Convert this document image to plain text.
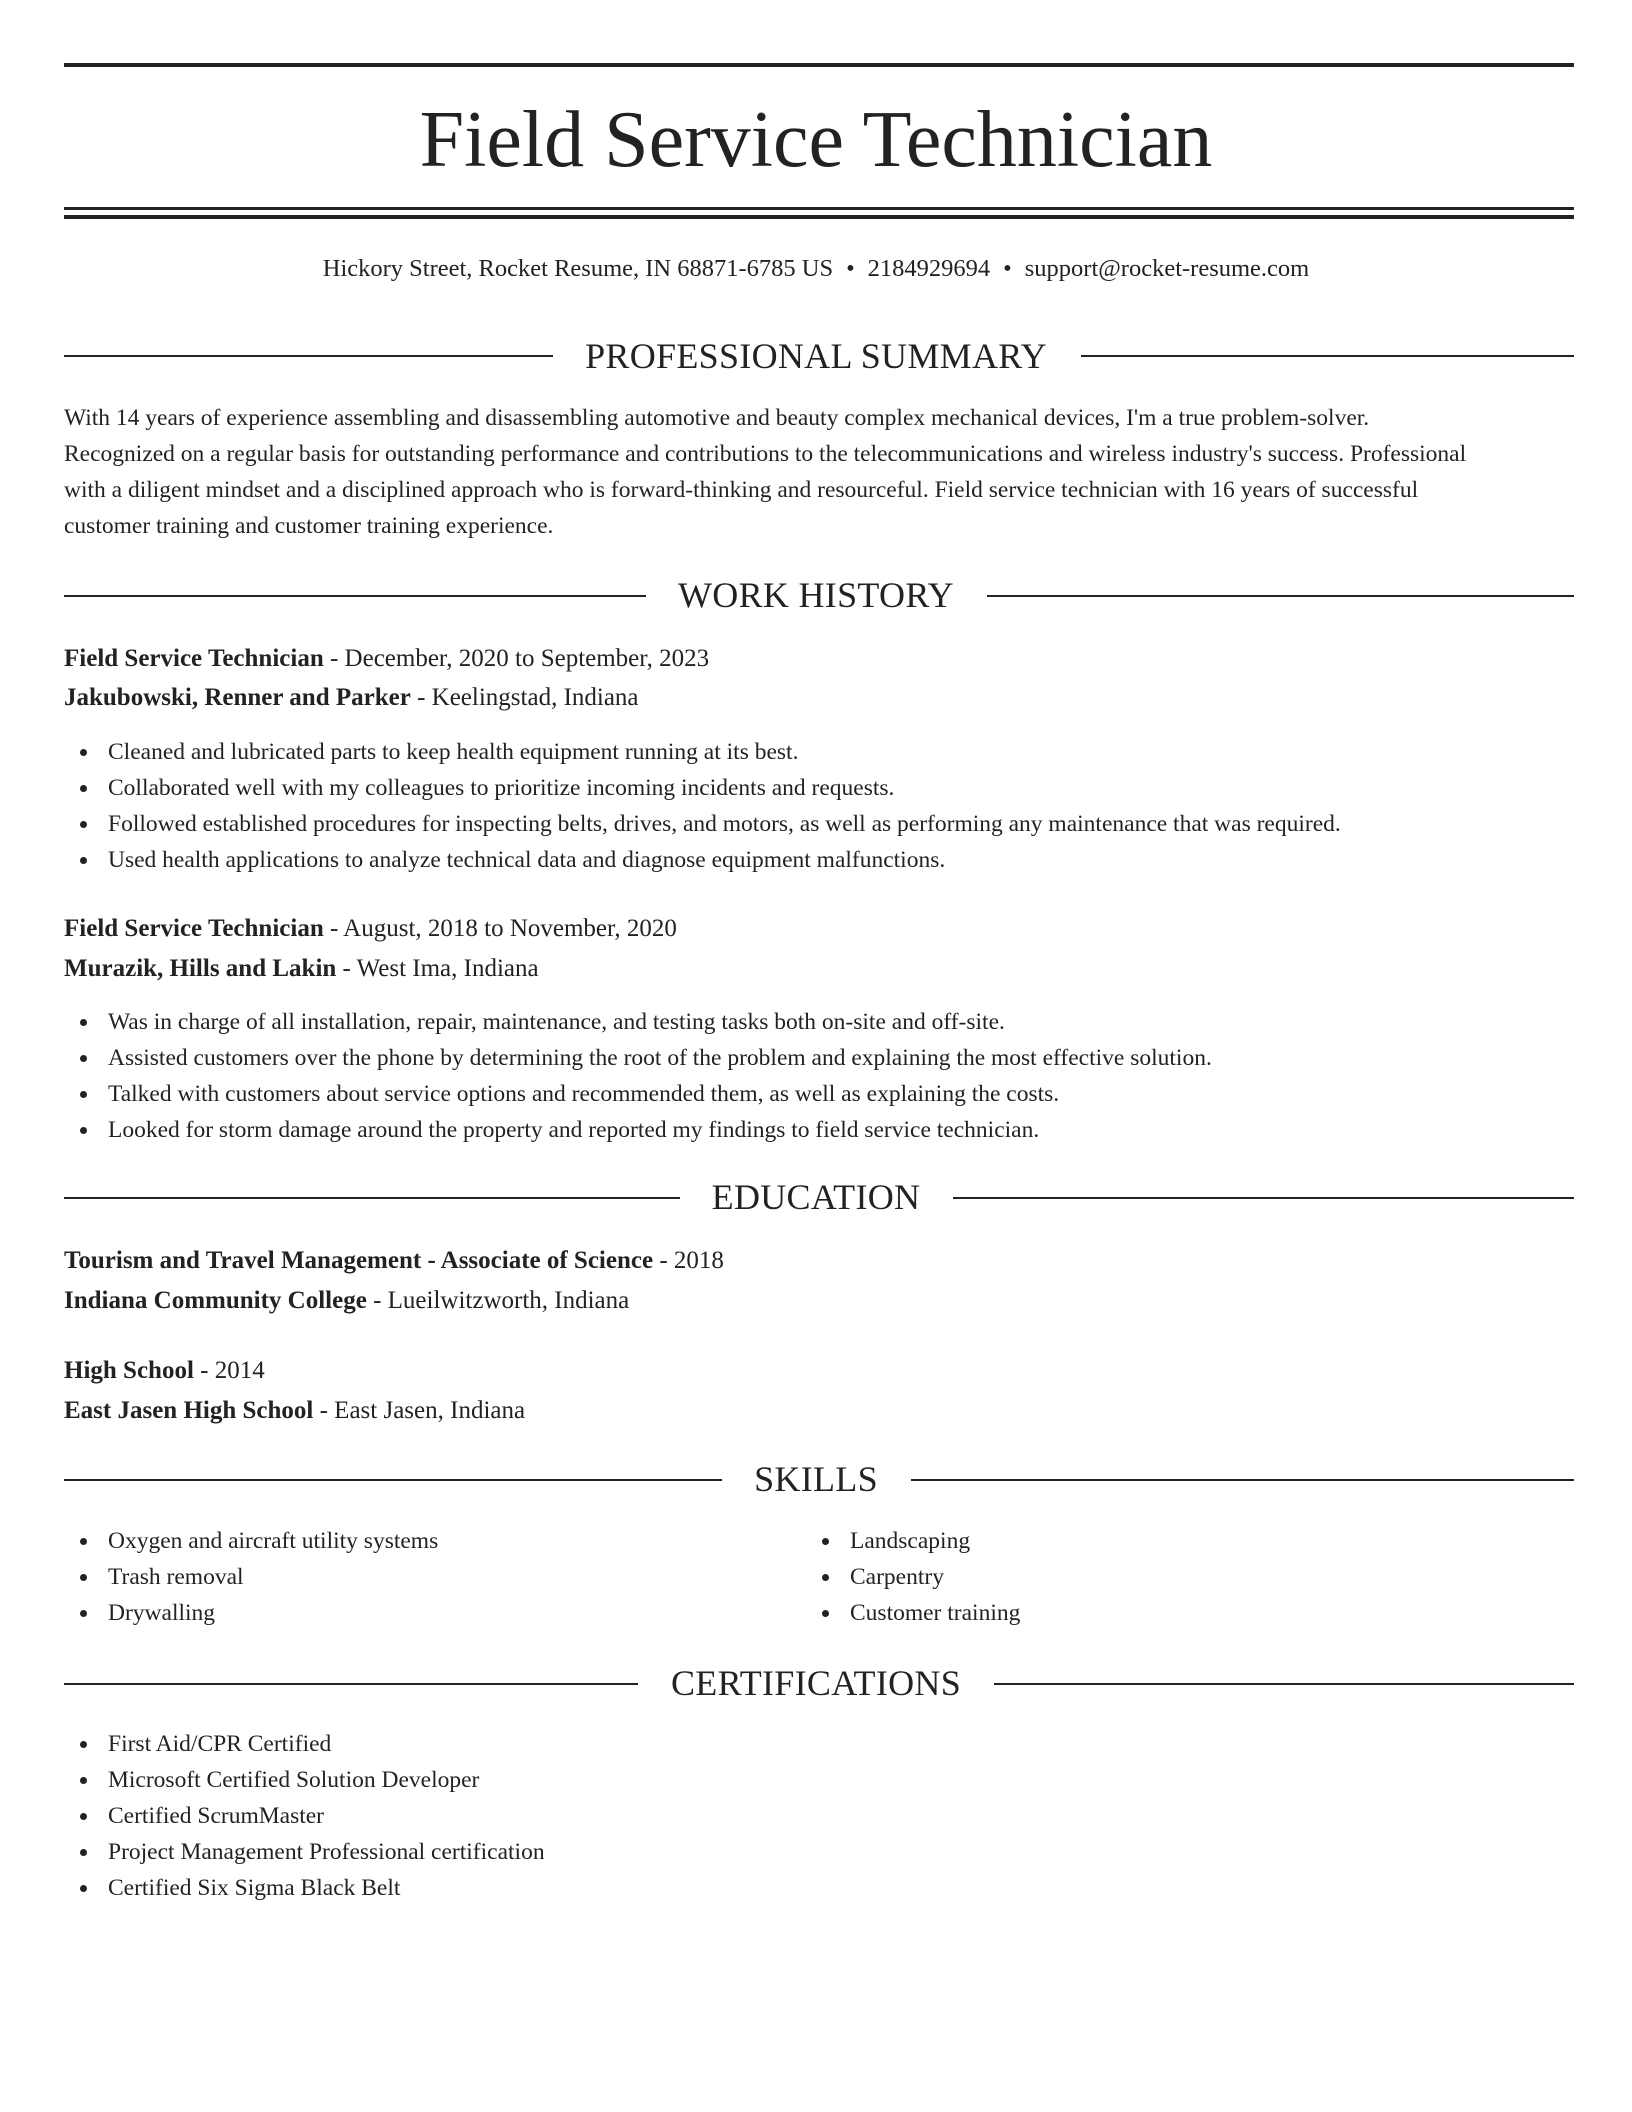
Field Service Technician
Hickory Street, Rocket Resume, IN 68871-6785 US • 2184929694 • support@rocket-resume.com
PROFESSIONAL SUMMARY
With 14 years of experience assembling and disassembling automotive and beauty complex mechanical devices, I'm a true problem-solver.
Recognized on a regular basis for outstanding performance and contributions to the telecommunications and wireless industry's success. Professional
with a diligent mindset and a disciplined approach who is forward-thinking and resourceful. Field service technician with 16 years of successful
customer training and customer training experience.
WORK HISTORY
Field Service Technician - December, 2020 to September, 2023
Jakubowski, Renner and Parker - Keelingstad, Indiana
Cleaned and lubricated parts to keep health equipment running at its best.
Collaborated well with my colleagues to prioritize incoming incidents and requests.
Followed established procedures for inspecting belts, drives, and motors, as well as performing any maintenance that was required.
Used health applications to analyze technical data and diagnose equipment malfunctions.
Field Service Technician - August, 2018 to November, 2020
Murazik, Hills and Lakin - West Ima, Indiana
Was in charge of all installation, repair, maintenance, and testing tasks both on-site and off-site.
Assisted customers over the phone by determining the root of the problem and explaining the most effective solution.
Talked with customers about service options and recommended them, as well as explaining the costs.
Looked for storm damage around the property and reported my findings to field service technician.
EDUCATION
Tourism and Travel Management - Associate of Science - 2018
Indiana Community College - Lueilwitzworth, Indiana
High School - 2014
East Jasen High School - East Jasen, Indiana
SKILLS
Oxygen and aircraft utility systems
Trash removal
Drywalling
Landscaping
Carpentry
Customer training
CERTIFICATIONS
First Aid/CPR Certified
Microsoft Certified Solution Developer
Certified ScrumMaster
Project Management Professional certification
Certified Six Sigma Black Belt
